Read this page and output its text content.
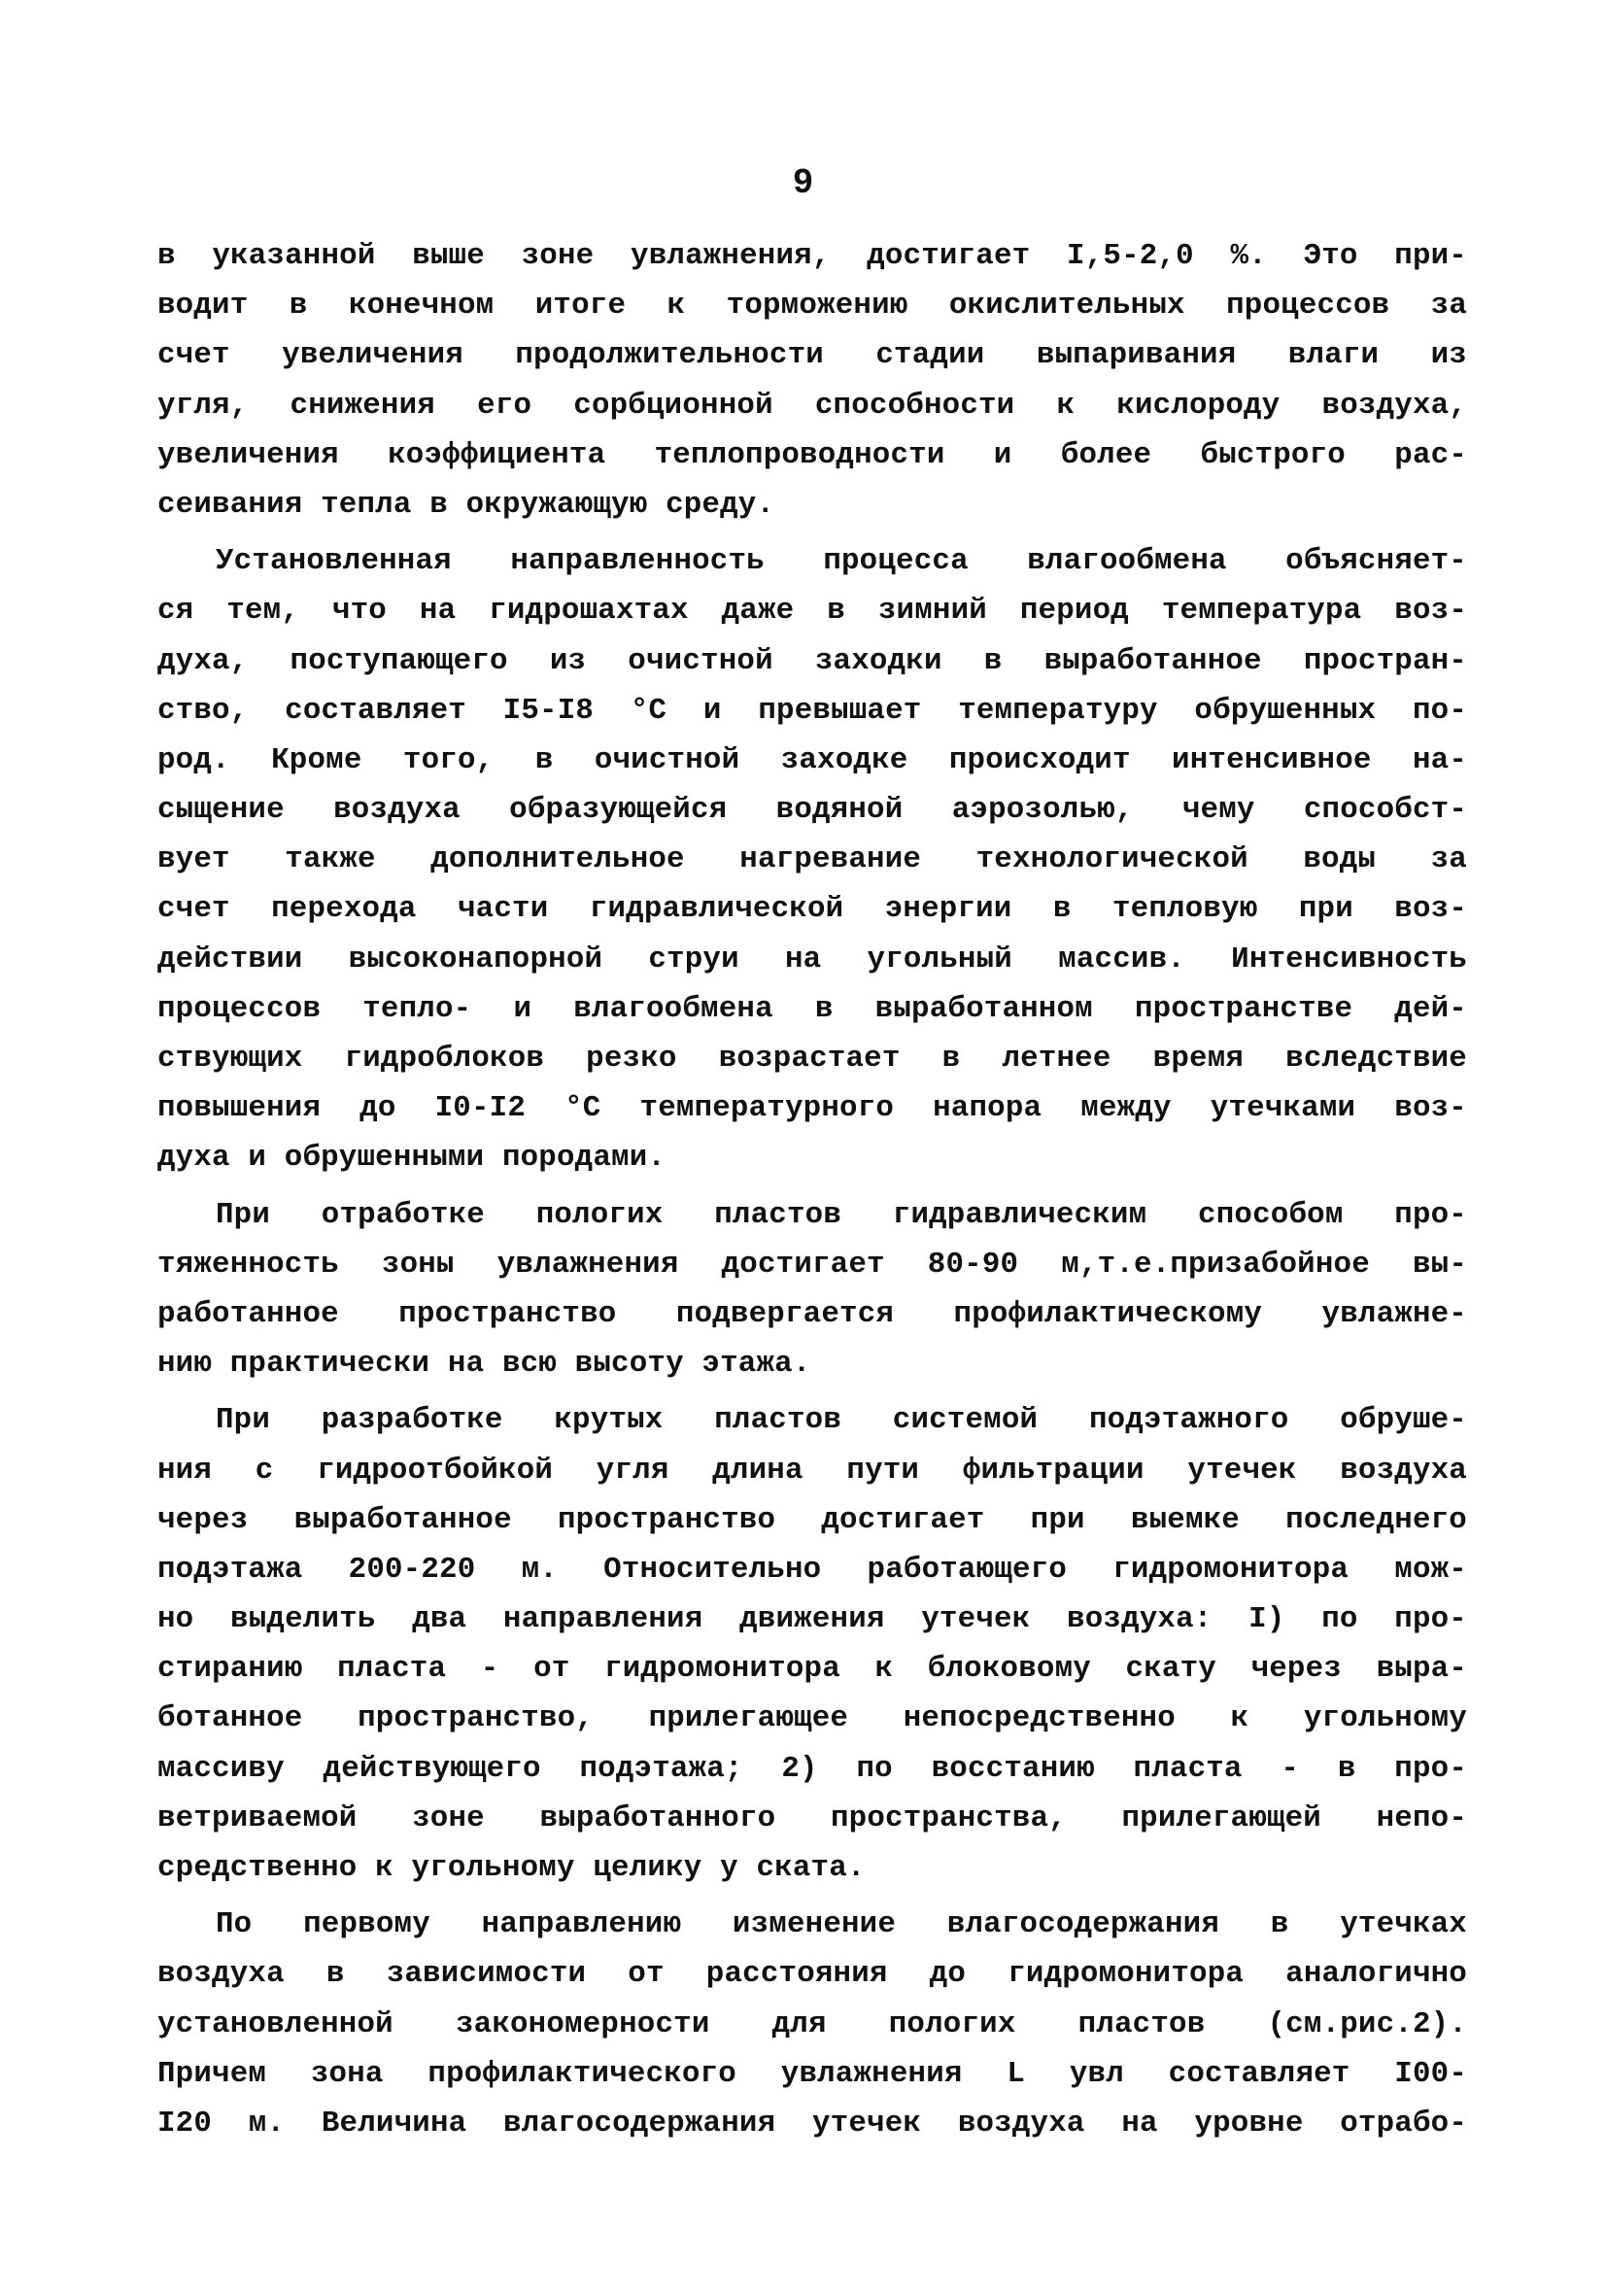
9
в указанной выше зоне увлажнения, достигает I,5-2,0 %. Это при-
водит в конечном итоге к торможению окислительных процессов за
счет увеличения продолжительности стадии выпаривания влаги из
угля, снижения его сорбционной способности к кислороду воздуха,
увеличения коэффициента теплопроводности и более быстрого рас-
сеивания тепла в окружающую среду.
Установленная направленность процесса влагообмена объясняет-
ся тем, что на гидрошахтах даже в зимний период температура воз-
духа, поступающего из очистной заходки в выработанное простран-
ство, составляет I5-I8 °С и превышает температуру обрушенных по-
род. Кроме того, в очистной заходке происходит интенсивное на-
сыщение воздуха образующейся водяной аэрозолью, чему способст-
вует также дополнительное нагревание технологической воды за
счет перехода части гидравлической энергии в тепловую при воз-
действии высоконапорной струи на угольный массив. Интенсивность
процессов тепло- и влагообмена в выработанном пространстве дей-
ствующих гидроблоков резко возрастает в летнее время вследствие
повышения до I0-I2 °С температурного напора между утечками воз-
духа и обрушенными породами.
При отработке пологих пластов гидравлическим способом про-
тяженность зоны увлажнения достигает 80-90 м,т.е.призабойное вы-
работанное пространство подвергается профилактическому увлажне-
нию практически на всю высоту этажа.
При разработке крутых пластов системой подэтажного обруше-
ния с гидроотбойкой угля длина пути фильтрации утечек воздуха
через выработанное пространство достигает при выемке последнего
подэтажа 200-220 м. Относительно работающего гидромонитора мож-
но выделить два направления движения утечек воздуха: I) по про-
стиранию пласта - от гидромонитора к блоковому скату через выра-
ботанное пространство, прилегающее непосредственно к угольному
массиву действующего подэтажа; 2) по восстанию пласта - в про-
ветриваемой зоне выработанного пространства, прилегающей непо-
средственно к угольному целику у ската.
По первому направлению изменение влагосодержания в утечках
воздуха в зависимости от расстояния до гидромонитора аналогично
установленной закономерности для пологих пластов (см.рис.2).
Причем зона профилактического увлажнения L увл составляет I00-
I20 м. Величина влагосодержания утечек воздуха на уровне отрабо-
